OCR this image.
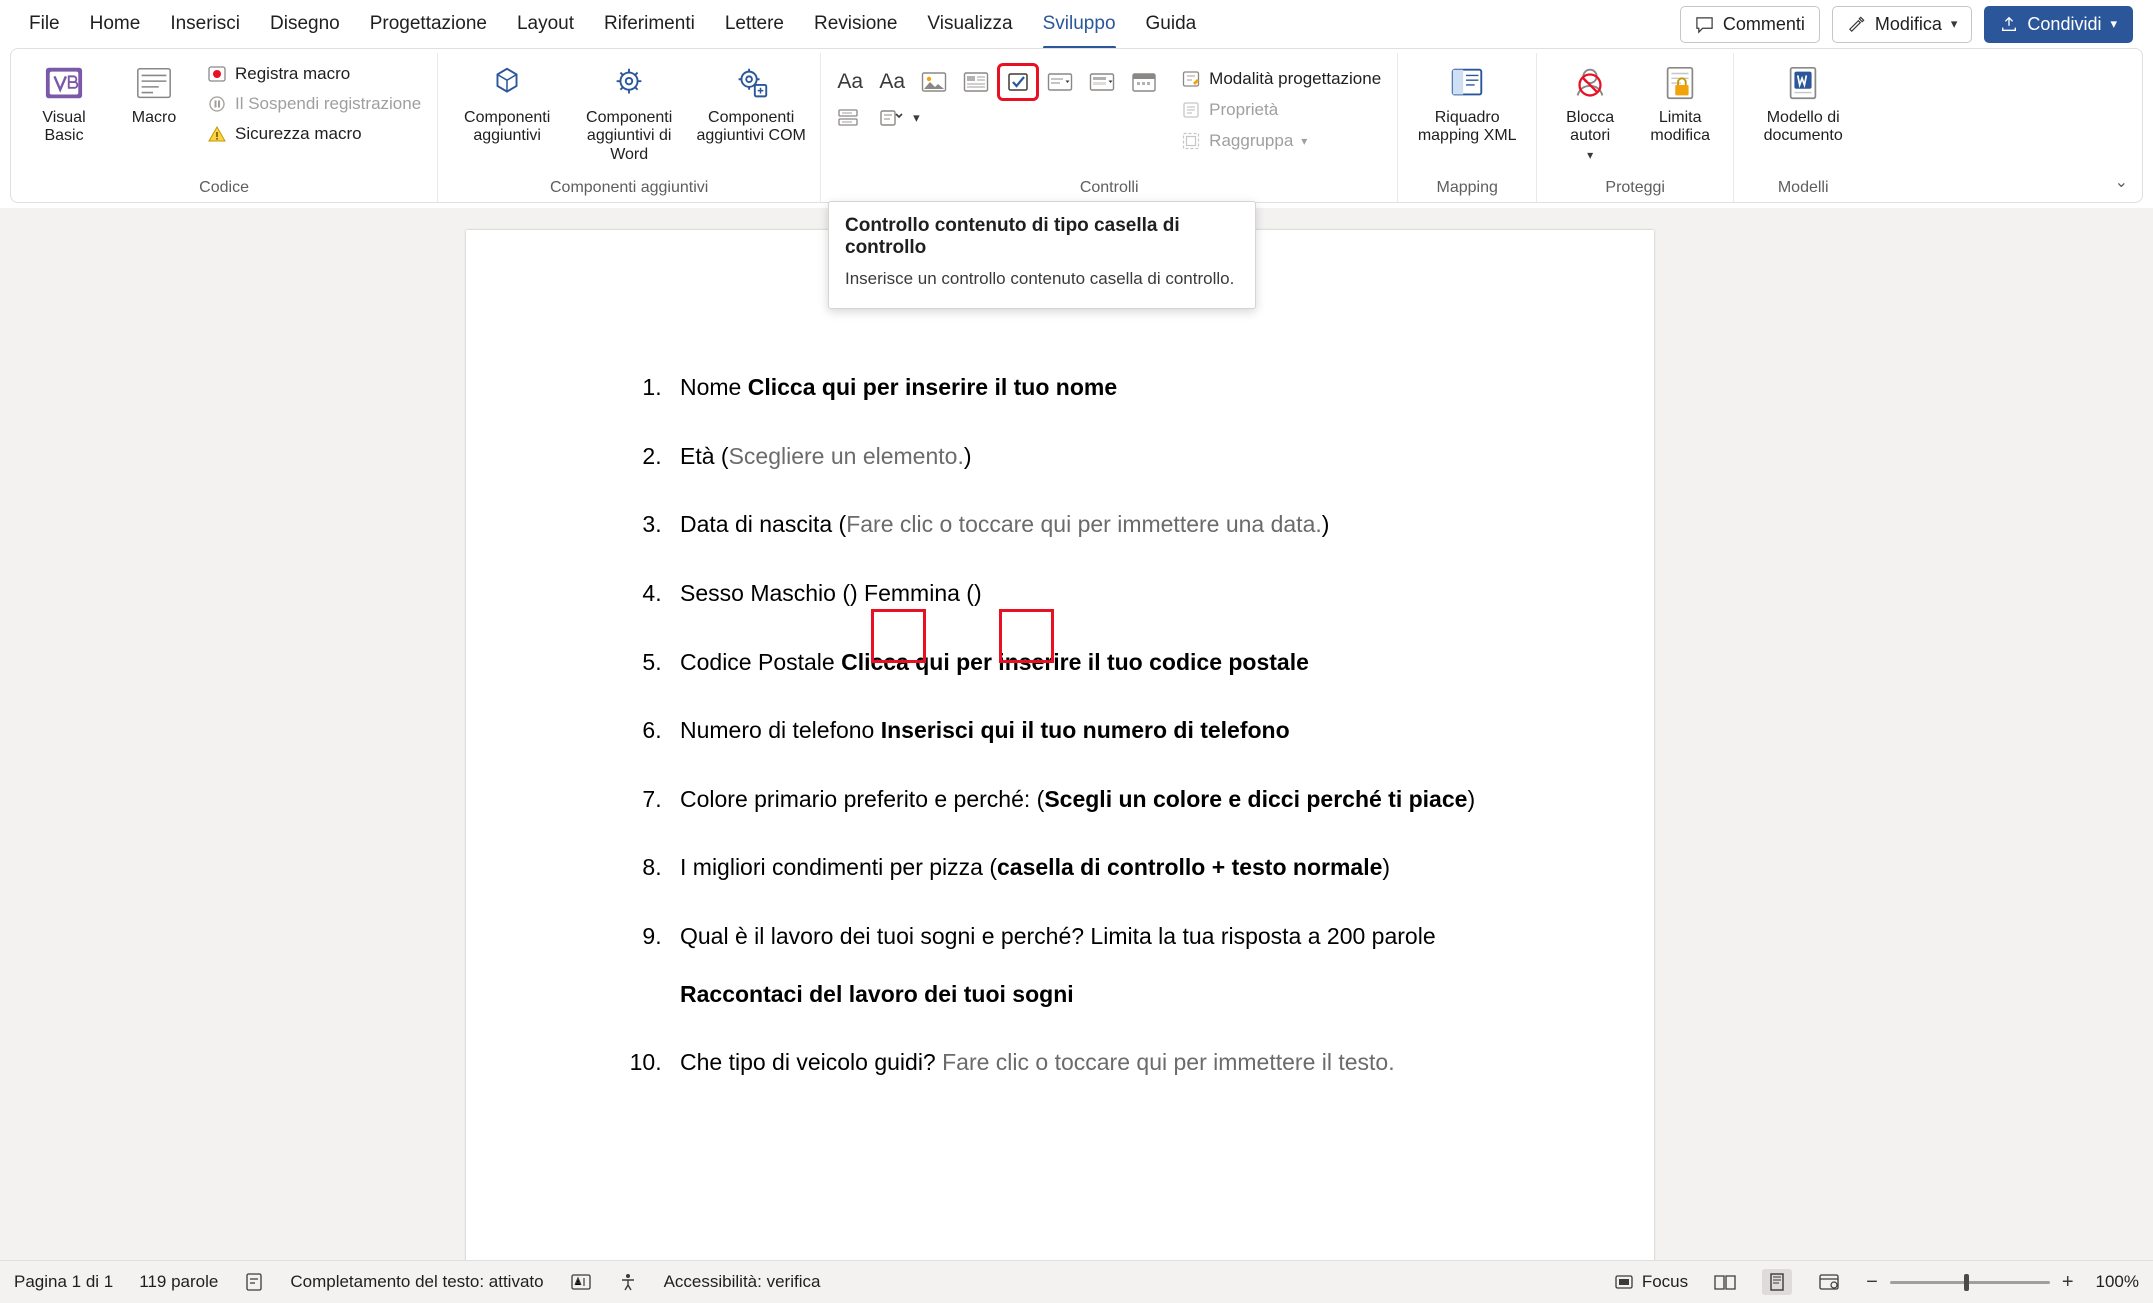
File	Home	Inserisci	Disegno	Progettazione	Layout	Riferimenti	Lettere	Revisione	Visualizza	Sviluppo	Guida	Commenti	Modifica ▾	Condividi ▾
Visual Basic
Macro
Registra macro
Il Sospendi registrazione
Sicurezza macro
Codice
Componenti aggiuntivi
Componenti aggiuntivi di Word
Componenti aggiuntivi COM
Componenti aggiuntivi
Aa Aa
▾
Modalità progettazione
Proprietà
Raggruppa ▾
Controlli
Riquadro mapping XML
Mapping
Blocca autori
▾
Limita modifica
Proteggi
Modello di documento
Modelli	⌄
Controllo contenuto di tipo casella di controllo
Inserisce un controllo contenuto casella di controllo.
1. Nome Clicca qui per inserire il tuo nome
2. Età (Scegliere un elemento.)
3. Data di nascita (Fare clic o toccare qui per immettere una data.)
4. Sesso Maschio () Femmina ()
5. Codice Postale Clicca qui per inserire il tuo codice postale
6. Numero di telefono Inserisci qui il tuo numero di telefono
7. Colore primario preferito e perché: (Scegli un colore e dicci perché ti piace)
8. I migliori condimenti per pizza (casella di controllo + testo normale)
9. Qual è il lavoro dei tuoi sogni e perché? Limita la tua risposta a 200 parole
Raccontaci del lavoro dei tuoi sogni
10. Che tipo di veicolo guidi? Fare clic o toccare qui per immettere il testo.
Pagina 1 di 1 119 parole	Completamento del testo: attivato	Accessibilità: verifica	Focus	−	+ 100%
